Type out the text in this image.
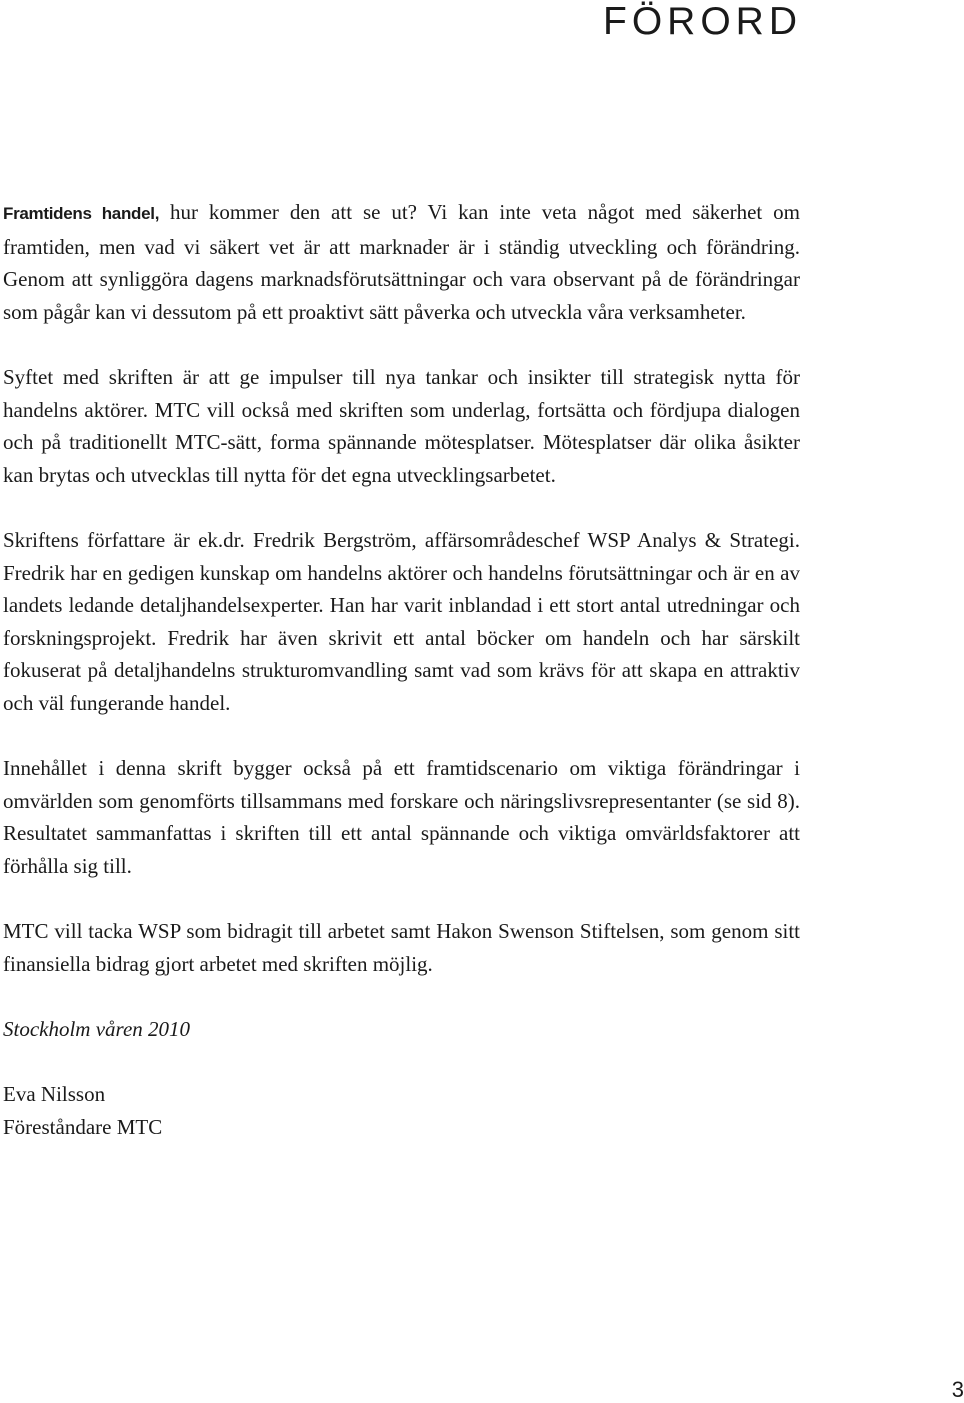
FÖRORD

Framtidens handel, hur kommer den att se ut? Vi kan inte veta något med säkerhet om framtiden, men vad vi säkert vet är att marknader är i ständig utveckling och förändring. Genom att synliggöra dagens marknadsförutsättningar och vara observant på de förändringar som pågår kan vi dessutom på ett proaktivt sätt påverka och utveckla våra verksamheter.

Syftet med skriften är att ge impulser till nya tankar och insikter till strategisk nytta för handelns aktörer. MTC vill också med skriften som underlag, fortsätta och fördjupa dialogen och på traditionellt MTC-sätt, forma spännande mötesplatser. Mötesplatser där olika åsikter kan brytas och utvecklas till nytta för det egna utvecklingsarbetet.

Skriftens författare är ek.dr. Fredrik Bergström, affärsområdeschef WSP Analys & Strategi. Fredrik har en gedigen kunskap om handelns aktörer och handelns förutsättningar och är en av landets ledande detaljhandelsexperter. Han har varit inblandad i ett stort antal utredningar och forskningsprojekt. Fredrik har även skrivit ett antal böcker om handeln och har särskilt fokuserat på detaljhandelns strukturomvandling samt vad som krävs för att skapa en attraktiv och väl fungerande handel.

Innehållet i denna skrift bygger också på ett framtidscenario om viktiga förändringar i omvärlden som genomförts tillsammans med forskare och näringslivsrepresentanter (se sid 8). Resultatet sammanfattas i skriften till ett antal spännande och viktiga omvärldsfaktorer att förhålla sig till.

MTC vill tacka WSP som bidragit till arbetet samt Hakon Swenson Stiftelsen, som genom sitt finansiella bidrag gjort arbetet med skriften möjlig.

Stockholm våren 2010

Eva Nilsson
Föreståndare MTC

3
